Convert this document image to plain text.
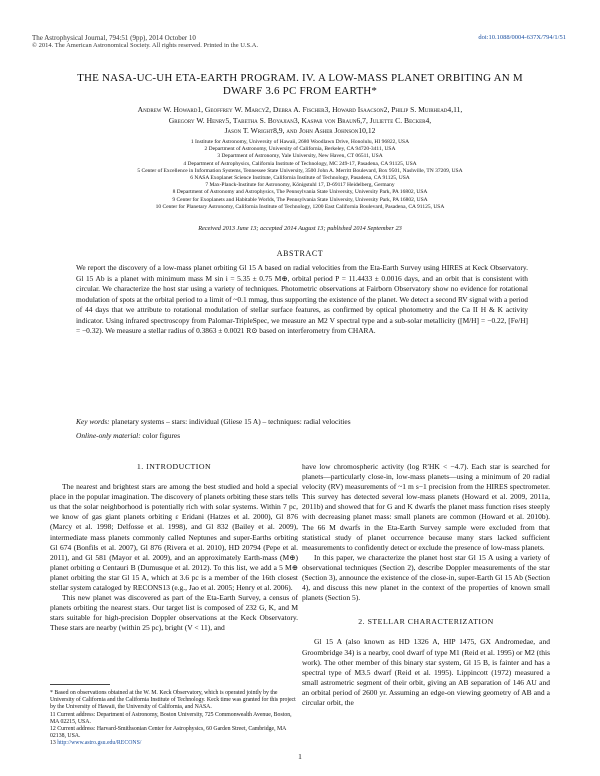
The Astrophysical Journal, 794:51 (9pp), 2014 October 10
© 2014. The American Astronomical Society. All rights reserved. Printed in the U.S.A.
doi:10.1088/0004-637X/794/1/51
THE NASA-UC-UH ETA-EARTH PROGRAM. IV. A LOW-MASS PLANET ORBITING AN M DWARF 3.6 PC FROM EARTH*
Andrew W. Howard1, Geoffrey W. Marcy2, Debra A. Fischer3, Howard Isaacson2, Philip S. Muirhead4,11,
Gregory W. Henry5, Tabetha S. Boyajian3, Kaspar von Braun6,7, Juliette C. Becker4,
Jason T. Wright8,9, and John Asher Johnson10,12
1 Institute for Astronomy, University of Hawaii, 2680 Woodlawn Drive, Honolulu, HI 96822, USA
2 Department of Astronomy, University of California, Berkeley, CA 94720-3411, USA
3 Department of Astronomy, Yale University, New Haven, CT 06511, USA
4 Department of Astrophysics, California Institute of Technology, MC 249-17, Pasadena, CA 91125, USA
5 Center of Excellence in Information Systems, Tennessee State University, 3500 John A. Merritt Boulevard, Box 9501, Nashville, TN 37209, USA
6 NASA Exoplanet Science Institute, California Institute of Technology, Pasadena, CA 91125, USA
7 Max-Planck-Institute for Astronomy, Königstuhl 17, D-69117 Heidelberg, Germany
8 Department of Astronomy and Astrophysics, The Pennsylvania State University, University Park, PA 16802, USA
9 Center for Exoplanets and Habitable Worlds, The Pennsylvania State University, University Park, PA 16802, USA
10 Center for Planetary Astronomy, California Institute of Technology, 1200 East California Boulevard, Pasadena, CA 91125, USA
Received 2013 June 13; accepted 2014 August 13; published 2014 September 23
ABSTRACT
We report the discovery of a low-mass planet orbiting Gl 15 A based on radial velocities from the Eta-Earth Survey using HIRES at Keck Observatory. Gl 15 Ab is a planet with minimum mass M sin i = 5.35 ± 0.75 M⊕, orbital period P = 11.4433 ± 0.0016 days, and an orbit that is consistent with circular. We characterize the host star using a variety of techniques. Photometric observations at Fairborn Observatory show no evidence for rotational modulation of spots at the orbital period to a limit of ~0.1 mmag, thus supporting the existence of the planet. We detect a second RV signal with a period of 44 days that we attribute to rotational modulation of stellar surface features, as confirmed by optical photometry and the Ca II H & K activity indicator. Using infrared spectroscopy from Palomar-TripleSpec, we measure an M2 V spectral type and a sub-solar metallicity ([M/H] = −0.22, [Fe/H] = −0.32). We measure a stellar radius of 0.3863 ± 0.0021 R⊙ based on interferometry from CHARA.
Key words: planetary systems – stars: individual (Gliese 15 A) – techniques: radial velocities
Online-only material: color figures
1. INTRODUCTION

The nearest and brightest stars are among the best studied and hold a special place in the popular imagination. The discovery of planets orbiting these stars tells us that the solar neighborhood is potentially rich with solar systems. Within 7 pc, we know of gas giant planets orbiting ε Eridani (Hatzes et al. 2000), Gl 876 (Marcy et al. 1998; Delfosse et al. 1998), and Gl 832 (Bailey et al. 2009), intermediate mass planets commonly called Neptunes and super-Earths orbiting Gl 674 (Bonfils et al. 2007), Gl 876 (Rivera et al. 2010), HD 20794 (Pepe et al. 2011), and Gl 581 (Mayor et al. 2009), and an approximately Earth-mass (M⊕) planet orbiting α Centauri B (Dumusque et al. 2012). To this list, we add a 5 M⊕ planet orbiting the star Gl 15 A, which at 3.6 pc is a member of the 16th closest stellar system cataloged by RECONS13 (e.g., Jao et al. 2005; Henry et al. 2006).

This new planet was discovered as part of the Eta-Earth Survey, a census of planets orbiting the nearest stars. Our target list is composed of 232 G, K, and M stars suitable for high-precision Doppler observations at the Keck Observatory. These stars are nearby (within 25 pc), bright (V < 11), and

have low chromospheric activity (log R′HK < −4.7). Each star is searched for planets—particularly close-in, low-mass planets—using a minimum of 20 radial velocity (RV) measurements of ~1 m s−1 precision from the HIRES spectrometer. This survey has detected several low-mass planets (Howard et al. 2009, 2011a, 2011b) and showed that for G and K dwarfs the planet mass function rises steeply with decreasing planet mass: small planets are common (Howard et al. 2010b). The 66 M dwarfs in the Eta-Earth Survey sample were excluded from that statistical study of planet occurrence because many stars lacked sufficient measurements to confidently detect or exclude the presence of low-mass planets.

In this paper, we characterize the planet host star Gl 15 A using a variety of observational techniques (Section 2), describe Doppler measurements of the star (Section 3), announce the existence of the close-in, super-Earth Gl 15 Ab (Section 4), and discuss this new planet in the context of the properties of known small planets (Section 5).

2. STELLAR CHARACTERIZATION

Gl 15 A (also known as HD 1326 A, HIP 1475, GX Andromedae, and Groombridge 34) is a nearby, cool dwarf of type M1 (Reid et al. 1995) or M2 (this work). The other member of this binary star system, Gl 15 B, is fainter and has a spectral type of M3.5 dwarf (Reid et al. 1995). Lippincott (1972) measured a small astrometric segment of their orbit, giving an AB separation of 146 AU and an orbital period of 2600 yr. Assuming an edge-on viewing geometry of AB and a circular orbit, the

* Based on observations obtained at the W. M. Keck Observatory, which is operated jointly by the University of California and the California Institute of Technology. Keck time was granted for this project by the University of Hawaii, the University of California, and NASA.
11 Current address: Department of Astronomy, Boston University, 725 Commonwealth Avenue, Boston, MA 02215, USA.
12 Current address: Harvard-Smithsonian Center for Astrophysics, 60 Garden Street, Cambridge, MA 02138, USA.
13 http://www.astro.gsu.edu/RECONS/
1
